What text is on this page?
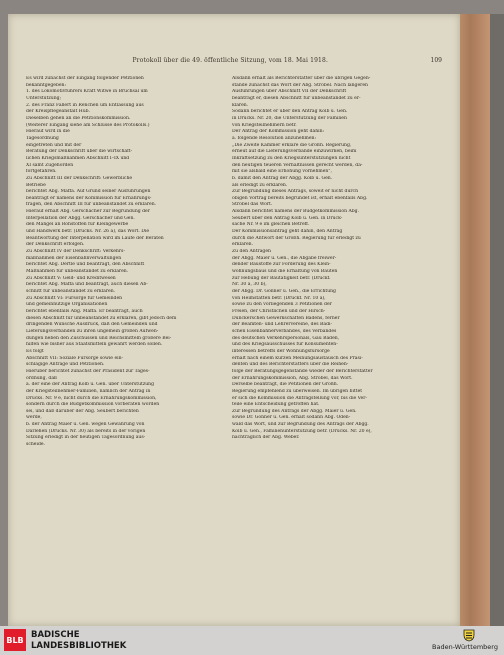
Protokoll über die 49. öffentliche Sitzung, vom 18. Mai 1918.	109

Es wird zunächst der Eingang folgender Petitionen

bekanntgegeben:

1. des Lokomotivführers Kraft Witwe in Bruchsal um

Unterstützung;

2. des Franz Fallert in Renchen um Entlassung aus

der Kreispflegeanstalt Hub.

Dieselben gehen an die Petitionskommission.

(Weiterer Eingang siehe am Schlusse des Protokolls.)

Hierauf wird in die

Tagesordnung

eingetreten und mit der

Beratung der Denkschrift über die wirtschaft-

lichen Kriegsmaßnahmen Abschnitt I–IX und

XI samt Zugehörden

fortgefahren.

Zu Abschnitt III der Denkschrift: Gewerbliche

Betriebe

berichtet Abg. Maffa. Auf Grund seiner Ausführungen

beantragt er namens der Kommission für Ernährungs-

fragen, den Abschnitt III für unbeanstandet zu erklären.

Hierauf erhält Abg. Gerschacher zur Begründung der

Interpellation der Abgg. Gerschacher und Gen.

den Mangel an Rohstoffen für Kleingewerbe

und Handwerk betr. (Drucks. Nr. 26 a), das Wort. Die

Beantwortung der Interpellation wird im Laufe der Beraten

der Denkschrift erfolgen.

Zu Abschnitt IV der Denkschrift: Verkehrs-

maßnahmen der Eisenbahnverwaltungen

berichtet Abg. Dertle und beantragt, den Abschnitt

Maßnahmen für unbeanstandet zu erklären.

Zu Abschnitt V: Geld- und Kreditwesen

berichtet Abg. Maffa und beantragt, auch diesen Ab-

schnitt für unbeanstandet zu erklären.

Zu Abschnitt VI: Fürsorge für Gemeinden

und gemeinnützige Organisationen

berichtet ebenfalls Abg. Maffa. Er beantragt, auch

diesen Abschnitt für unbeanstandet zu erklären, gibt jedoch dem

dringenden Wunsche Ausdruck, daß den Gemeinden und

Lieferungsverbänden zu ihren ungemein großen Aufwen-

dungen neben den Zuschüssen und Reichsmitteln größere Bei-

hilfen wie bisher aus Staatsmitteln gewährt werden sollen.

Es folgt

Abschnitt VII: Soziale Fürsorge sowie ein-

schlägige Anträge und Petitionen.

Hierüber berichtet zunächst der Präsident zur Tages-

ordnung, daß

a. der eine der Antrag Kolb u. Gen. über Unterstützung

der Kriegsteilnehmer-Familien, nämlich der Antrag in

Drucks. Nr. 9 e, nicht durch die Ernährungskommission,

sondern durch die Budgetkommission vorberaten worden

sei, und daß darüber der Abg. Seubert berichten

werde,

b. der Antrag Maier u. Gen. wegen Gewährung von

Darlehen (Drucks. Nr. 30) als bereits in der vorigen

Sitzung erledigt in der heutigen Tagesordnung aus-

scheide.

Alsdann erhält als Berichterstatter über die übrigen Gegen-

stände zunächst das Wort der Abg. Strobel. Nach längeren

Ausführungen über Abschnitt VII der Denkschrift

beantragt er, diesen Abschnitt für unbeanstandet zu er-

klären.

Sodann berichtet er über den Antrag Kolb u. Gen.

in Drucks. Nr. 20, die Unterstützung der Familien

von Kriegsteilnehmern betr.

Der Antrag der Kommission geht dahin:

a. folgende Resolution anzunehmen:

„Die Zweite Kammer erkläre die Großh. Regierung,

erneut auf die Lieferungsverbände einzuwirken, beim

Inkraftsetzung zu den Kriegsunterstützungen nicht

den heutigen teueren Verhältnissen gerecht werden, da-

mit sie alsbald eine Erhöhung vornehmen",

b. damit den Antrag der Abgg. Kolb u. Gen.

als erledigt zu erklären.

Zur Begründung dieses Antrags, soweit er nicht durch

obigen Vortrag bereits begründet ist, erhält ebenfalls Abg.

Strobel das Wort.

Alsdann berichtet namens der Budgetkommission Abg.

Seubert über den Antrag Kolb u. Gen. in Druck-

sache Nr. 9 e im gleichen Betreff.

Der Kommissionsantrag geht dahin, den Antrag

durch die Antwort der Großh. Regierung für erledigt zu

erklären.

Zu den Anträgen

der Abgg. Maier u. Gen., die Abgabe freiwer-

dender Baustoffe zur Förderung des Klein-

wohnungsbaus und die Erhaltung von Bauten

zur Hebung der Bautätigkeit betr. (Druckf.

Nr. 30 a, 30 b),

der Abgg. Dr. Gönner u. Gen., die Errichtung

von Heimstätten betr. (Druckf. Nr. 10 a),

sowie zu den vorliegenden 3 Petitionen der

Freien, der Christlichen und der Hirsch-

Dunckerschen Gewerkschaften Badens, ferner

der Beamten- und Lehrervereine, des Badi-

schen Eisenbahnerverbandes, des Verbandes

des deutschen Verkehrspersonals, Gau Baden,

und des Kriegsausschusses für Konsumenten-

interessen betreffs der Wohnungsfürsorge

erhält nach einem kurzen Meinungsaustausch des Präsi-

denten und des Berichterstatters über die Reihen-

folge der Beratungsgegenstände wieder der Berichterstatter

der Ernährungskommission, Abg. Strobel, das Wort.

Derselbe beantragt, die Petitionen der Großh.

Regierung empfehlend zu überweisen. Im übrigen bittet

er sich die Kommission die Antragstellung vor, bis die Ver-

teile eine Entscheidung getroffen hat.

Zur Begründung des Antrags der Abgg. Maier u. Gen.

sowie Dr. Gönner u. Gen. erhält sodann Abg. Oden-

wald das Wort, und zur Begründung des Antrags der Abgg.

Kolb u. Gen., Familienunterstützung betr. (Drucks. Nr. 20 e),

nachträglich der Abg. Weber.

BLB BADISCHE
LANDESBIBLIOTHEK	Baden-Württemberg
